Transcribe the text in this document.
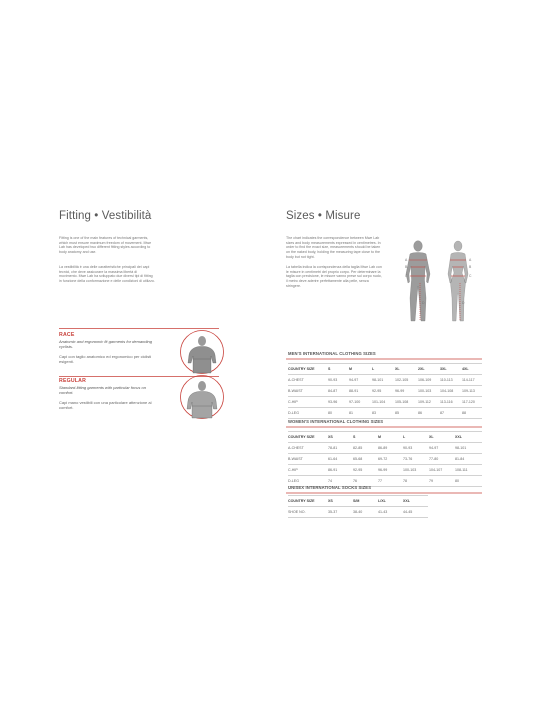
Fitting • Vestibilità
Fitting is one of the main features of technical garments, which must ensure maximum freedom of movement. Mwe Lab has developed two different fitting styles according to body anatomy and use.
La vestibilità è una delle caratteristiche principali dei capi tecnici, che deve assicurare la massima libertà di movimento. Mwe Lab ha sviluppato due diversi tipi di fitting in funzione della conformazione e delle condizioni di utilizzo.
RACE
Anatomic and ergonomic fit garments for demanding cyclists.
Capi con taglio anatomico ed ergonomico per ciclisti esigenti.
REGULAR
Standard-fitting garments with particular focus on comfort.
Capi mano vestibili con una particolare attenzione al comfort.
Sizes • Misure
The chart indicates the correspondence between Mwe Lab sizes and body measurements expressed in centimetres. In order to find the exact size, measurements should be taken on the naked body, holding the measuring tape close to the body but not tight.
La tabella indica la corrispondenza della taglia Mwe Lab con le misure in centimetri del proprio corpo. Per determinare la taglia con precisione, le misure vanno prese sul corpo nudo, il metro deve aderire perfettamente alla pelle, senza stringere.
A
B
C
D
A
B
C
D
MEN'S INTERNATIONAL CLOTHING SIZES
COUNTRY SIZE	S	M	L	XL	2XL	3XL	4XL
A-CHEST	90-93	94-97	98-101	102-105	106-109	110-113	114-117
B-WAIST	84-87	88-91	92-95	96-99	100-103	104-108	109-113
C-HIP	93-96	97-100	101-104	105-108	109-112	113-116	117-120
D-LEG	80	81	83	85	86	87	88
WOMEN'S INTERNATIONAL CLOTHING SIZES
COUNTRY SIZE	XS	S	M	L	XL	XXL
A-CHEST	78-81	82-85	86-89	90-93	94-97	98-101
B-WAIST	61-64	65-68	69-72	73-76	77-80	81-84
C-HIP	86-91	92-95	96-99	100-103	104-107	108-111
D-LEG	74	76	77	78	79	80
UNISEX INTERNATIONAL SOCKS SIZES
COUNTRY SIZE	XS	S/M	L/XL	XXL
SHOE NO.	35-37	38-40	41-43	44-45
